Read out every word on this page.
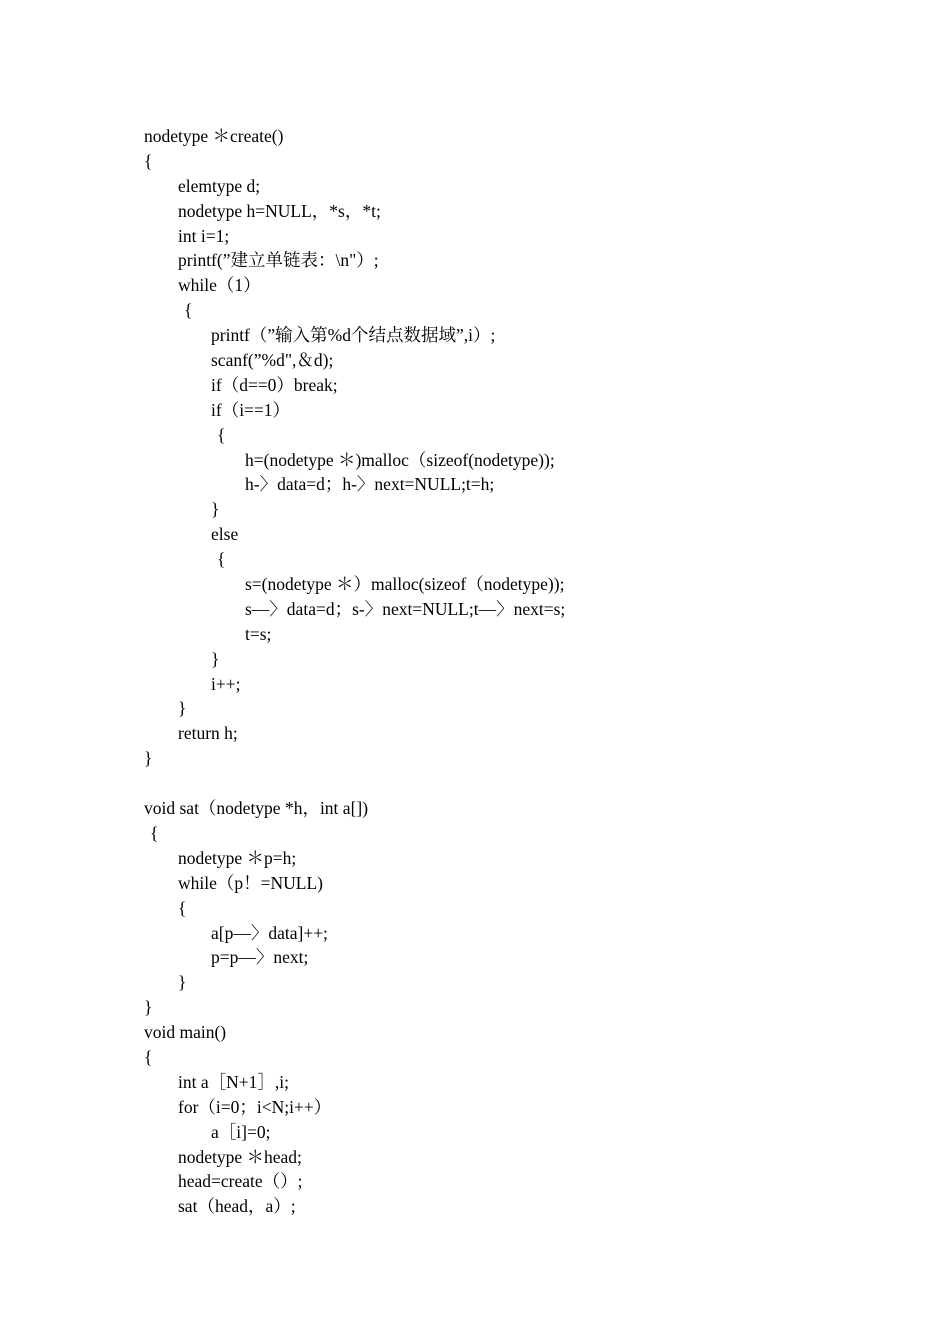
nodetype ＊create()
{
elemtype d;
nodetype h=NULL，*s，*t;
int i=1;
printf(”建立单链表：\n"）;
while（1）
{
printf（”输入第%d个结点数据域”,i）;
scanf(”%d",＆d);
if（d==0）break;
if（i==1）
{
h=(nodetype ＊)malloc（sizeof(nodetype));
h-〉data=d；h-〉next=NULL;t=h;
}
else
{
s=(nodetype ＊）malloc(sizeof（nodetype));
s—〉data=d；s-〉next=NULL;t—〉next=s;
t=s;
}
i++;
}
return h;
}
void sat（nodetype *h，int a[])
{
nodetype ＊p=h;
while（p！=NULL)
{
a[p—〉data]++;
p=p—〉next;
}
}
void main()
{
int a［N+1］,i;
for（i=0；i<N;i++）
a［i]=0;
nodetype ＊head;
head=create（）;
sat（head，a）;
